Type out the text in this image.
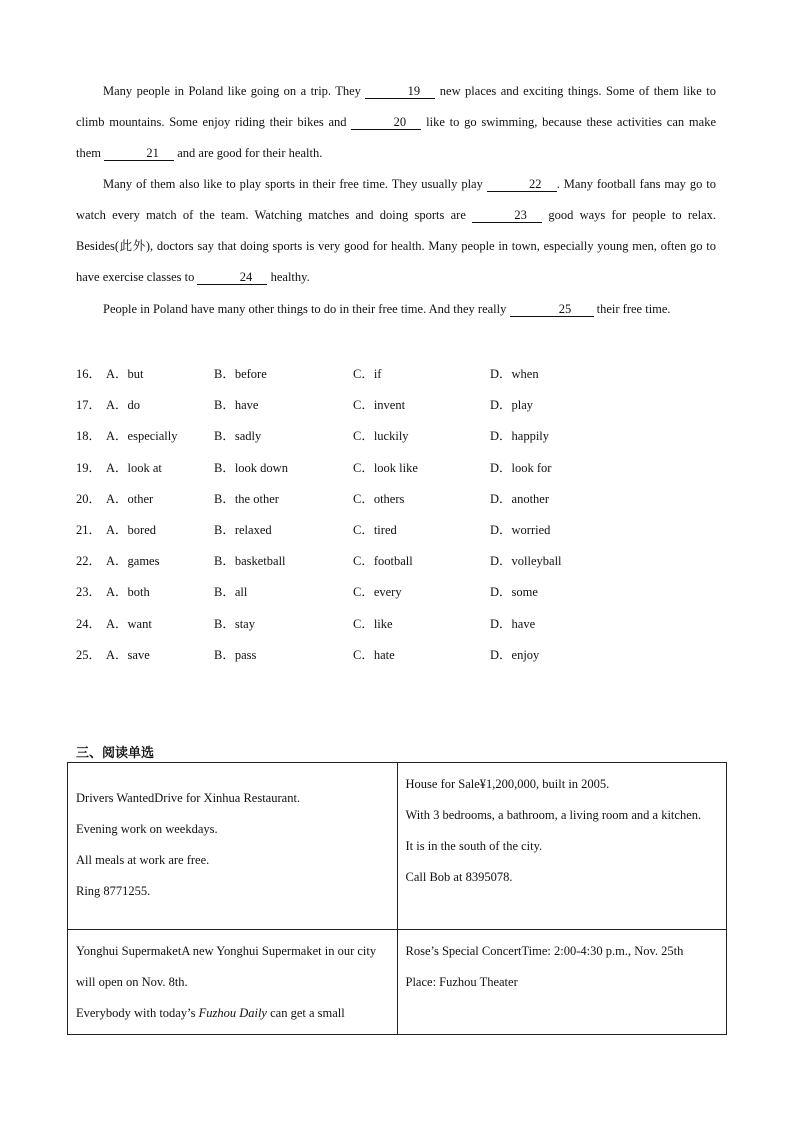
Many people in Poland like going on a trip. They	19 new places and exciting things. Some of them like to climb mountains. Some enjoy riding their bikes and	20 like to go swimming, because these activities can make them	21 and are good for their health.
Many of them also like to play sports in their free time. They usually play	22 . Many football fans may go to watch every match of the team. Watching matches and doing sports are	23 good ways for people to relax. Besides(此外), doctors say that doing sports is very good for health. Many people in town, especially young men, often go to have exercise classes to	24 healthy.
People in Poland have many other things to do in their free time. And they really	25 their free time.
16． A．but	B．before	C．if	D．when
17． A．do	B．have	C．invent	D．play
18． A．especially	B．sadly	C．luckily	D．happily
19． A．look at	B．look down	C．look like	D．look for
20． A．other	B．the other	C．others	D．another
21． A．bored	B．relaxed	C．tired	D．worried
22． A．games	B．basketball	C．football	D．volleyball
23． A．both	B．all	C．every	D．some
24． A．want	B．stay	C．like	D．have
25． A．save	B．pass	C．hate	D．enjoy
三、阅读单选
Drivers WantedDrive for Xinhua Restaurant.
Evening work on weekdays.
All meals at work are free.
Ring 8771255.	House for Sale¥1,200,000, built in 2005.
With 3 bedrooms, a bathroom, a living room and a kitchen.
It is in the south of the city.
Call Bob at 8395078.

Yonghui SupermaketA new Yonghui Supermaket in our city will open on Nov. 8th.
Everybody with today’s Fuzhou Daily can get a small	Rose’s Special ConcertTime: 2:00-4:30 p.m., Nov. 25th
Place: Fuzhou Theater
